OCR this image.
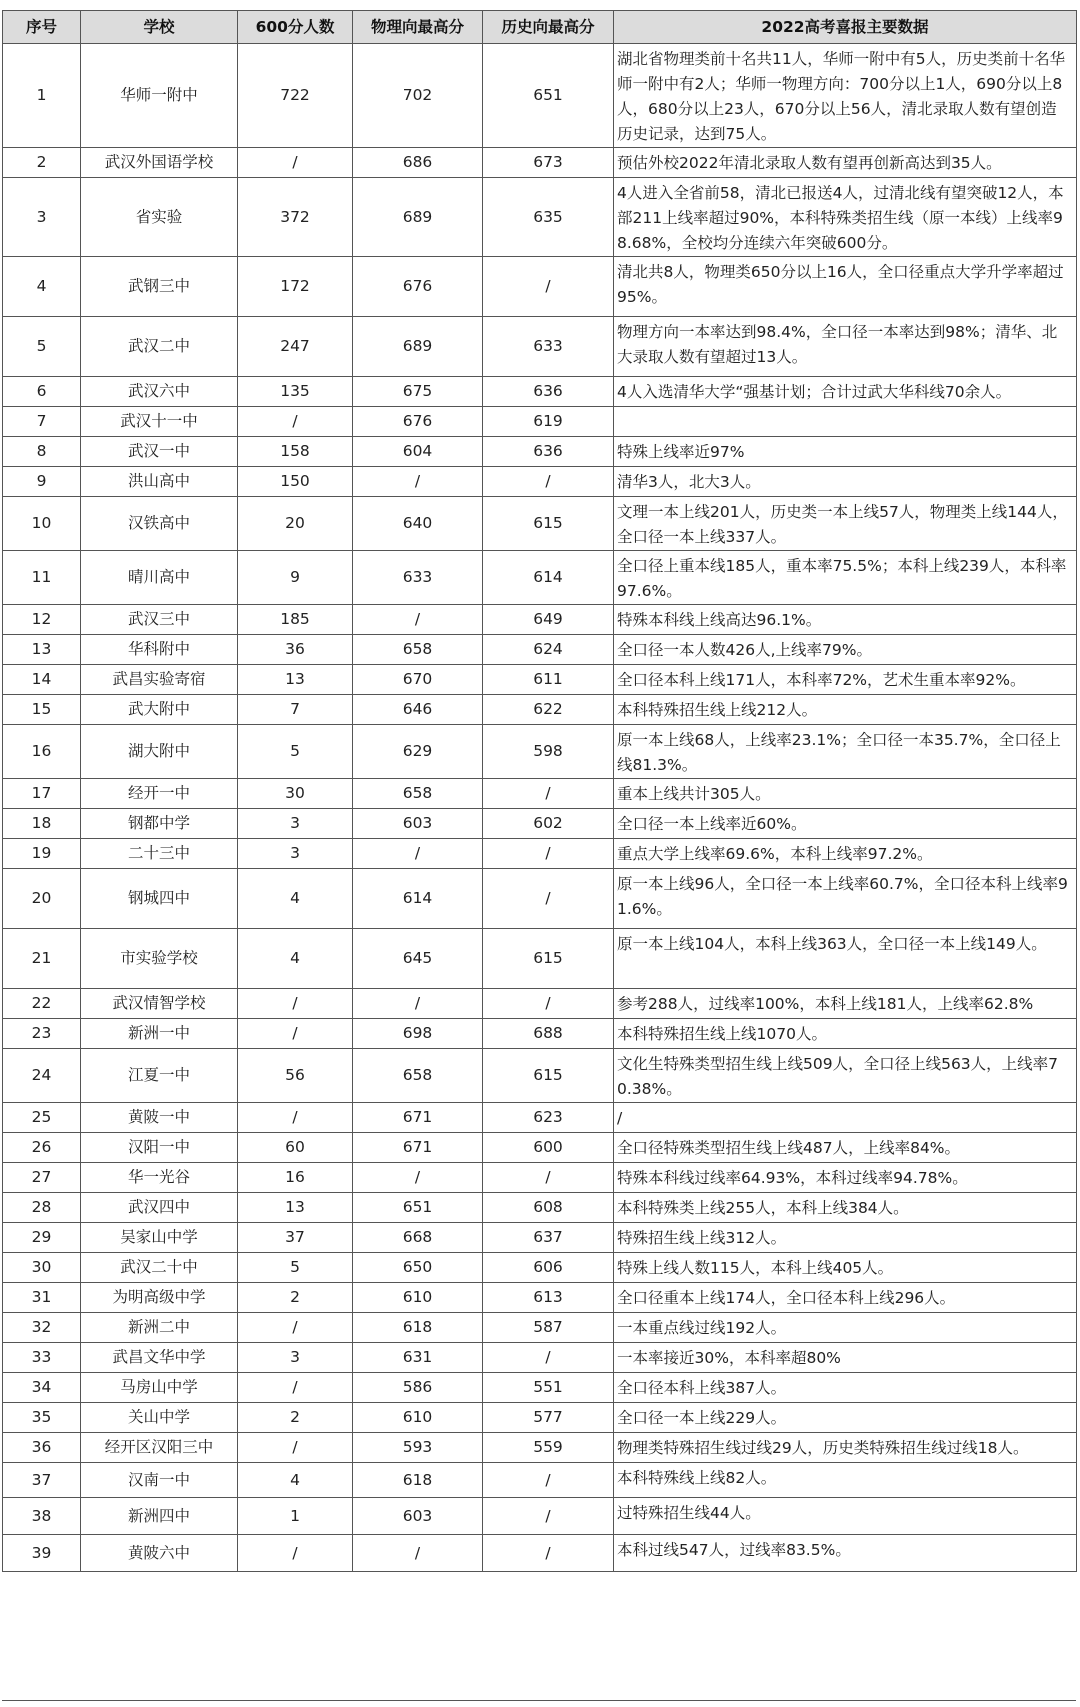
序号	学校	600分人数	物理向最高分	历史向最高分	2022高考喜报主要数据
1	华师一附中	722	702	651	湖北省物理类前十名共11人，华师一附中有5人，历史类前十名华师一附中有2人；华师一物理方向：700分以上1人，690分以上8人，680分以上23人，670分以上56人，清北录取人数有望创造历史记录，达到75人。
2	武汉外国语学校	/	686	673	预估外校2022年清北录取人数有望再创新高达到35人。
3	省实验	372	689	635	4人进入全省前58，清北已报送4人，过清北线有望突破12人，本部211上线率超过90%，本科特殊类招生线（原一本线）上线率98.68%，全校均分连续六年突破600分。
4	武钢三中	172	676	/	清北共8人，物理类650分以上16人，全口径重点大学升学率超过95%。
5	武汉二中	247	689	633	物理方向一本率达到98.4%，全口径一本率达到98%；清华、北大录取人数有望超过13人。
6	武汉六中	135	675	636	4人入选清华大学“强基计划；合计过武大华科线70余人。
7	武汉十一中	/	676	619	
8	武汉一中	158	604	636	特殊上线率近97%
9	洪山高中	150	/	/	清华3人，北大3人。
10	汉铁高中	20	640	615	文理一本上线201人，历史类一本上线57人，物理类上线144人，全口径一本上线337人。
11	晴川高中	9	633	614	全口径上重本线185人，重本率75.5%；本科上线239人，本科率97.6%。
12	武汉三中	185	/	649	特殊本科线上线高达96.1%。
13	华科附中	36	658	624	全口径一本人数426人,上线率79%。
14	武昌实验寄宿	13	670	611	全口径本科上线171人，本科率72%，艺术生重本率92%。
15	武大附中	7	646	622	本科特殊招生线上线212人。
16	湖大附中	5	629	598	原一本上线68人，上线率23.1%；全口径一本35.7%，全口径上线81.3%。
17	经开一中	30	658	/	重本上线共计305人。
18	钢都中学	3	603	602	全口径一本上线率近60%。
19	二十三中	3	/	/	重点大学上线率69.6%，本科上线率97.2%。
20	钢城四中	4	614	/	原一本上线96人，全口径一本上线率60.7%，全口径本科上线率91.6%。
21	市实验学校	4	645	615	原一本上线104人，本科上线363人，全口径一本上线149人。
22	武汉情智学校	/	/	/	参考288人，过线率100%，本科上线181人，上线率62.8%
23	新洲一中	/	698	688	本科特殊招生线上线1070人。
24	江夏一中	56	658	615	文化生特殊类型招生线上线509人，全口径上线563人，上线率70.38%。
25	黄陂一中	/	671	623	/
26	汉阳一中	60	671	600	全口径特殊类型招生线上线487人，上线率84%。
27	华一光谷	16	/	/	特殊本科线过线率64.93%，本科过线率94.78%。
28	武汉四中	13	651	608	本科特殊类上线255人，本科上线384人。
29	吴家山中学	37	668	637	特殊招生线上线312人。
30	武汉二十中	5	650	606	特殊上线人数115人，本科上线405人。
31	为明高级中学	2	610	613	全口径重本上线174人，全口径本科上线296人。
32	新洲二中	/	618	587	一本重点线过线192人。
33	武昌文华中学	3	631	/	一本率接近30%，本科率超80%
34	马房山中学	/	586	551	全口径本科上线387人。
35	关山中学	2	610	577	全口径一本上线229人。
36	经开区汉阳三中	/	593	559	物理类特殊招生线过线29人，历史类特殊招生线过线18人。
37	汉南一中	4	618	/	本科特殊线上线82人。
38	新洲四中	1	603	/	过特殊招生线44人。
39	黄陂六中	/	/	/	本科过线547人，过线率83.5%。
